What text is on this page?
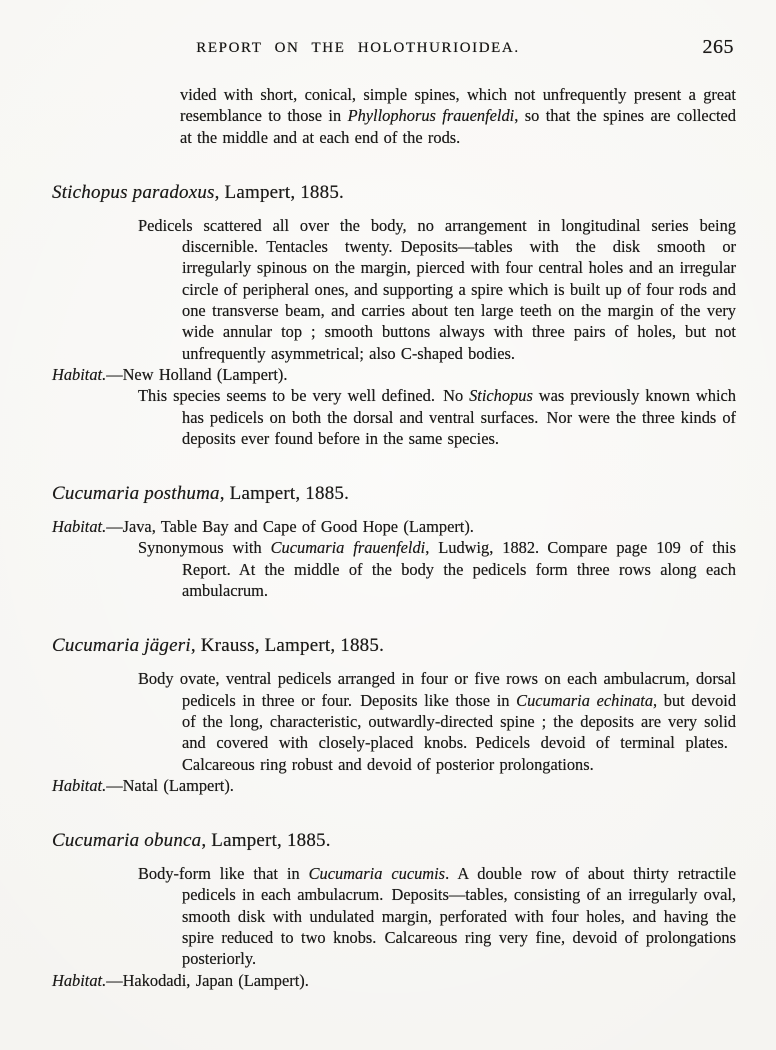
REPORT ON THE HOLOTHURIOIDEA.	265

vided with short, conical, simple spines, which not unfrequently present a great resemblance to those in Phyllophorus frauenfeldi, so that the spines are collected at the middle and at each end of the rods.

Stichopus paradoxus, Lampert, 1885.

Pedicels scattered all over the body, no arrangement in longitudinal series being discernible. Tentacles twenty. Deposits—tables with the disk smooth or irregularly spinous on the margin, pierced with four central holes and an irregular circle of peripheral ones, and supporting a spire which is built up of four rods and one transverse beam, and carries about ten large teeth on the margin of the very wide annular top ; smooth buttons always with three pairs of holes, but not unfrequently asymmetrical; also C-shaped bodies.

Habitat.—New Holland (Lampert).

This species seems to be very well defined. No Stichopus was previously known which has pedicels on both the dorsal and ventral surfaces. Nor were the three kinds of deposits ever found before in the same species.

Cucumaria posthuma, Lampert, 1885.

Habitat.—Java, Table Bay and Cape of Good Hope (Lampert).

Synonymous with Cucumaria frauenfeldi, Ludwig, 1882. Compare page 109 of this Report. At the middle of the body the pedicels form three rows along each ambulacrum.

Cucumaria jägeri, Krauss, Lampert, 1885.

Body ovate, ventral pedicels arranged in four or five rows on each ambulacrum, dorsal pedicels in three or four. Deposits like those in Cucumaria echinata, but devoid of the long, characteristic, outwardly-directed spine ; the deposits are very solid and covered with closely-placed knobs. Pedicels devoid of terminal plates. Calcareous ring robust and devoid of posterior prolongations.

Habitat.—Natal (Lampert).

Cucumaria obunca, Lampert, 1885.

Body-form like that in Cucumaria cucumis. A double row of about thirty retractile pedicels in each ambulacrum. Deposits—tables, consisting of an irregularly oval, smooth disk with undulated margin, perforated with four holes, and having the spire reduced to two knobs. Calcareous ring very fine, devoid of prolongations posteriorly.

Habitat.—Hakodadi, Japan (Lampert).
